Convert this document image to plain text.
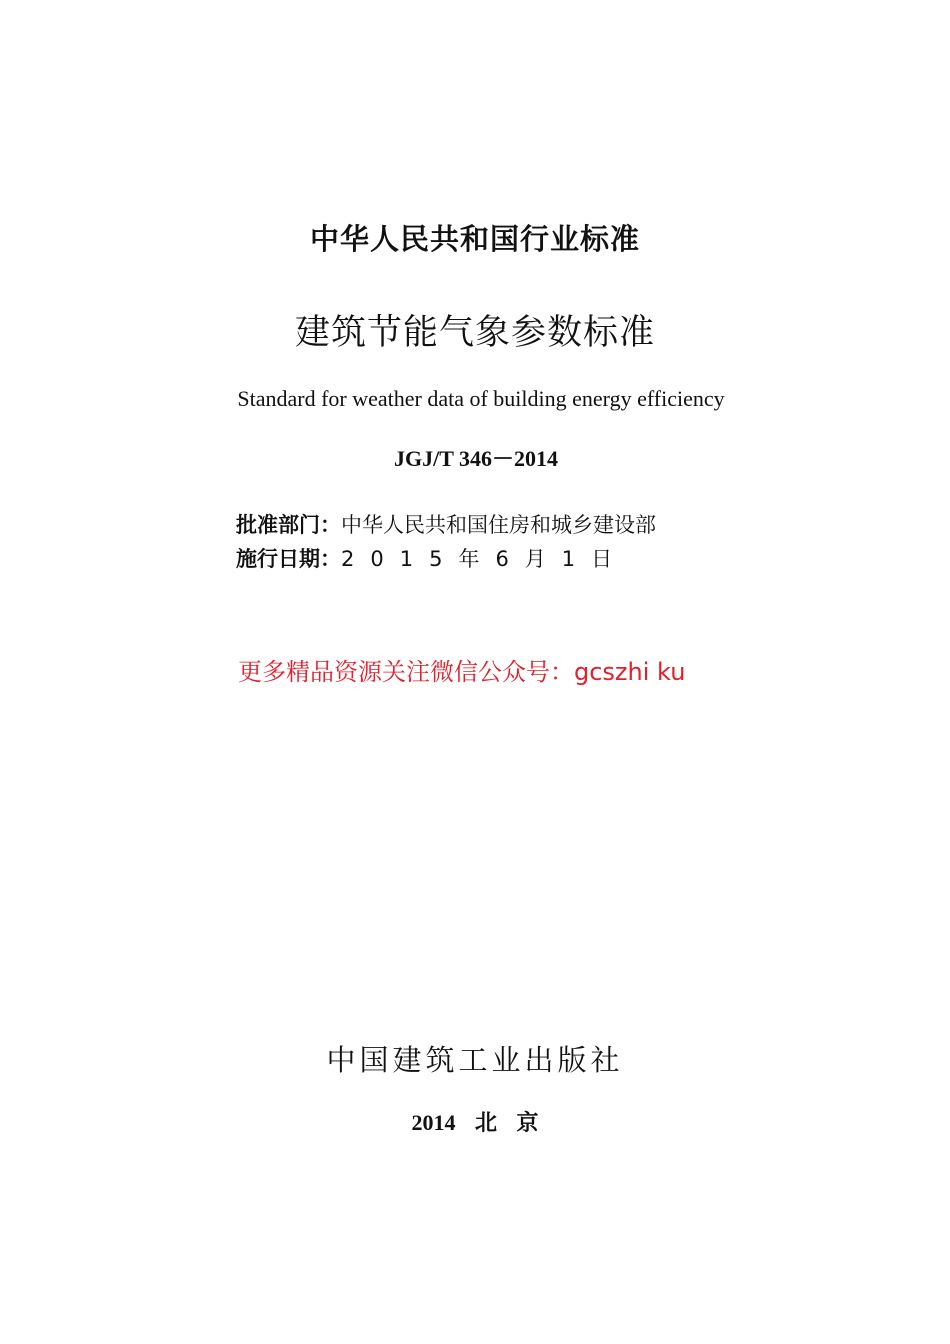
中华人民共和国行业标准
建筑节能气象参数标准
Standard for weather data of building energy efficiency
JGJ/T 346－2014
批准部门：中华人民共和国住房和城乡建设部
施行日期：2015年6月1日
更多精品资源关注微信公众号：gcszhi ku
中国建筑工业出版社
2014 北 京
